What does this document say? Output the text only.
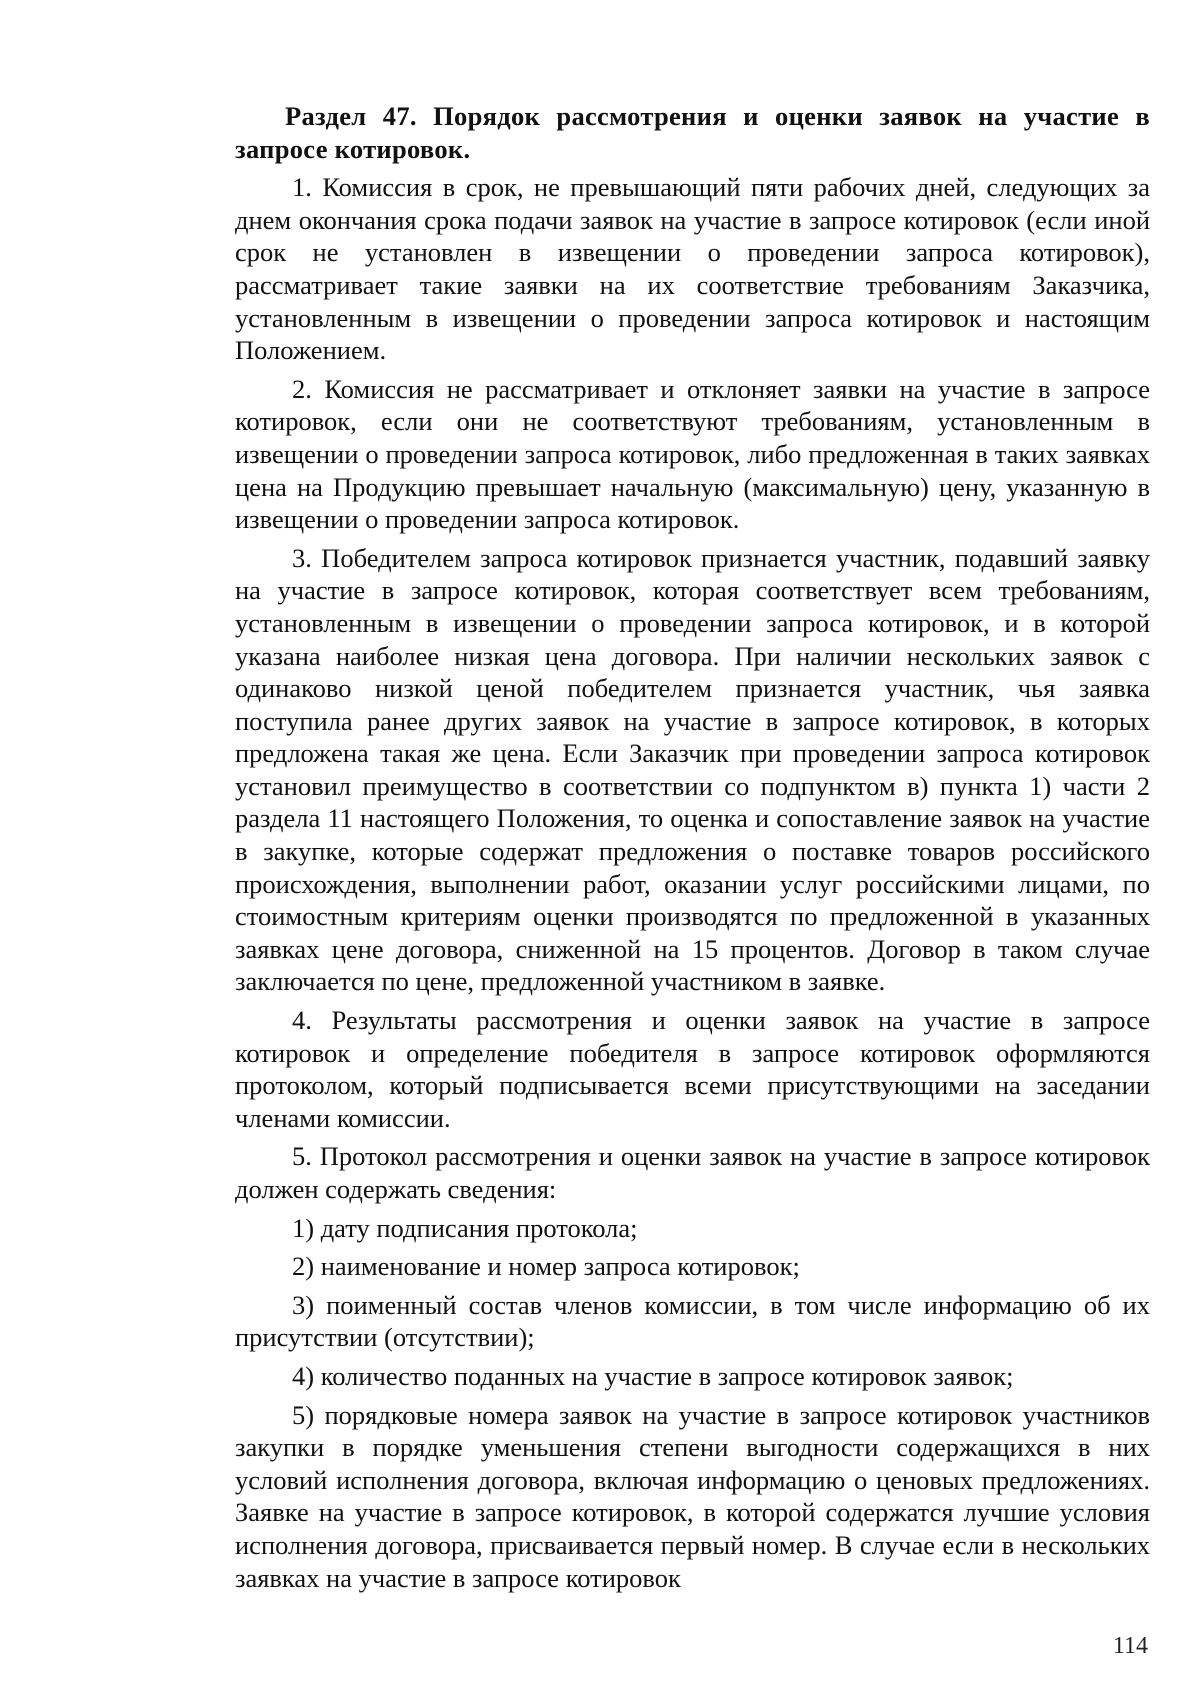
Раздел 47. Порядок рассмотрения и оценки заявок на участие в запросе котировок.

1. Комиссия в срок, не превышающий пяти рабочих дней, следующих за днем окончания срока подачи заявок на участие в запросе котировок (если иной срок не установлен в извещении о проведении запроса котировок), рассматривает такие заявки на их соответствие требованиям Заказчика, установленным в извещении о проведении запроса котировок и настоящим Положением.

2. Комиссия не рассматривает и отклоняет заявки на участие в запросе котировок, если они не соответствуют требованиям, установленным в извещении о проведении запроса котировок, либо предложенная в таких заявках цена на Продукцию превышает начальную (максимальную) цену, указанную в извещении о проведении запроса котировок.

3. Победителем запроса котировок признается участник, подавший заявку на участие в запросе котировок, которая соответствует всем требованиям, установленным в извещении о проведении запроса котировок, и в которой указана наиболее низкая цена договора. При наличии нескольких заявок с одинаково низкой ценой победителем признается участник, чья заявка поступила ранее других заявок на участие в запросе котировок, в которых предложена такая же цена. Если Заказчик при проведении запроса котировок установил преимущество в соответствии со подпунктом в) пункта 1) части 2 раздела 11 настоящего Положения, то оценка и сопоставление заявок на участие в закупке, которые содержат предложения о поставке товаров российского происхождения, выполнении работ, оказании услуг российскими лицами, по стоимостным критериям оценки производятся по предложенной в указанных заявках цене договора, сниженной на 15 процентов. Договор в таком случае заключается по цене, предложенной участником в заявке.

4. Результаты рассмотрения и оценки заявок на участие в запросе котировок и определение победителя в запросе котировок оформляются протоколом, который подписывается всеми присутствующими на заседании членами комиссии.

5. Протокол рассмотрения и оценки заявок на участие в запросе котировок должен содержать сведения:

1) дату подписания протокола;

2) наименование и номер запроса котировок;

3) поименный состав членов комиссии, в том числе информацию об их присутствии (отсутствии);

4) количество поданных на участие в запросе котировок заявок;

5) порядковые номера заявок на участие в запросе котировок участников закупки в порядке уменьшения степени выгодности содержащихся в них условий исполнения договора, включая информацию о ценовых предложениях. Заявке на участие в запросе котировок, в которой содержатся лучшие условия исполнения договора, присваивается первый номер. В случае если в нескольких заявках на участие в запросе котировок

114
